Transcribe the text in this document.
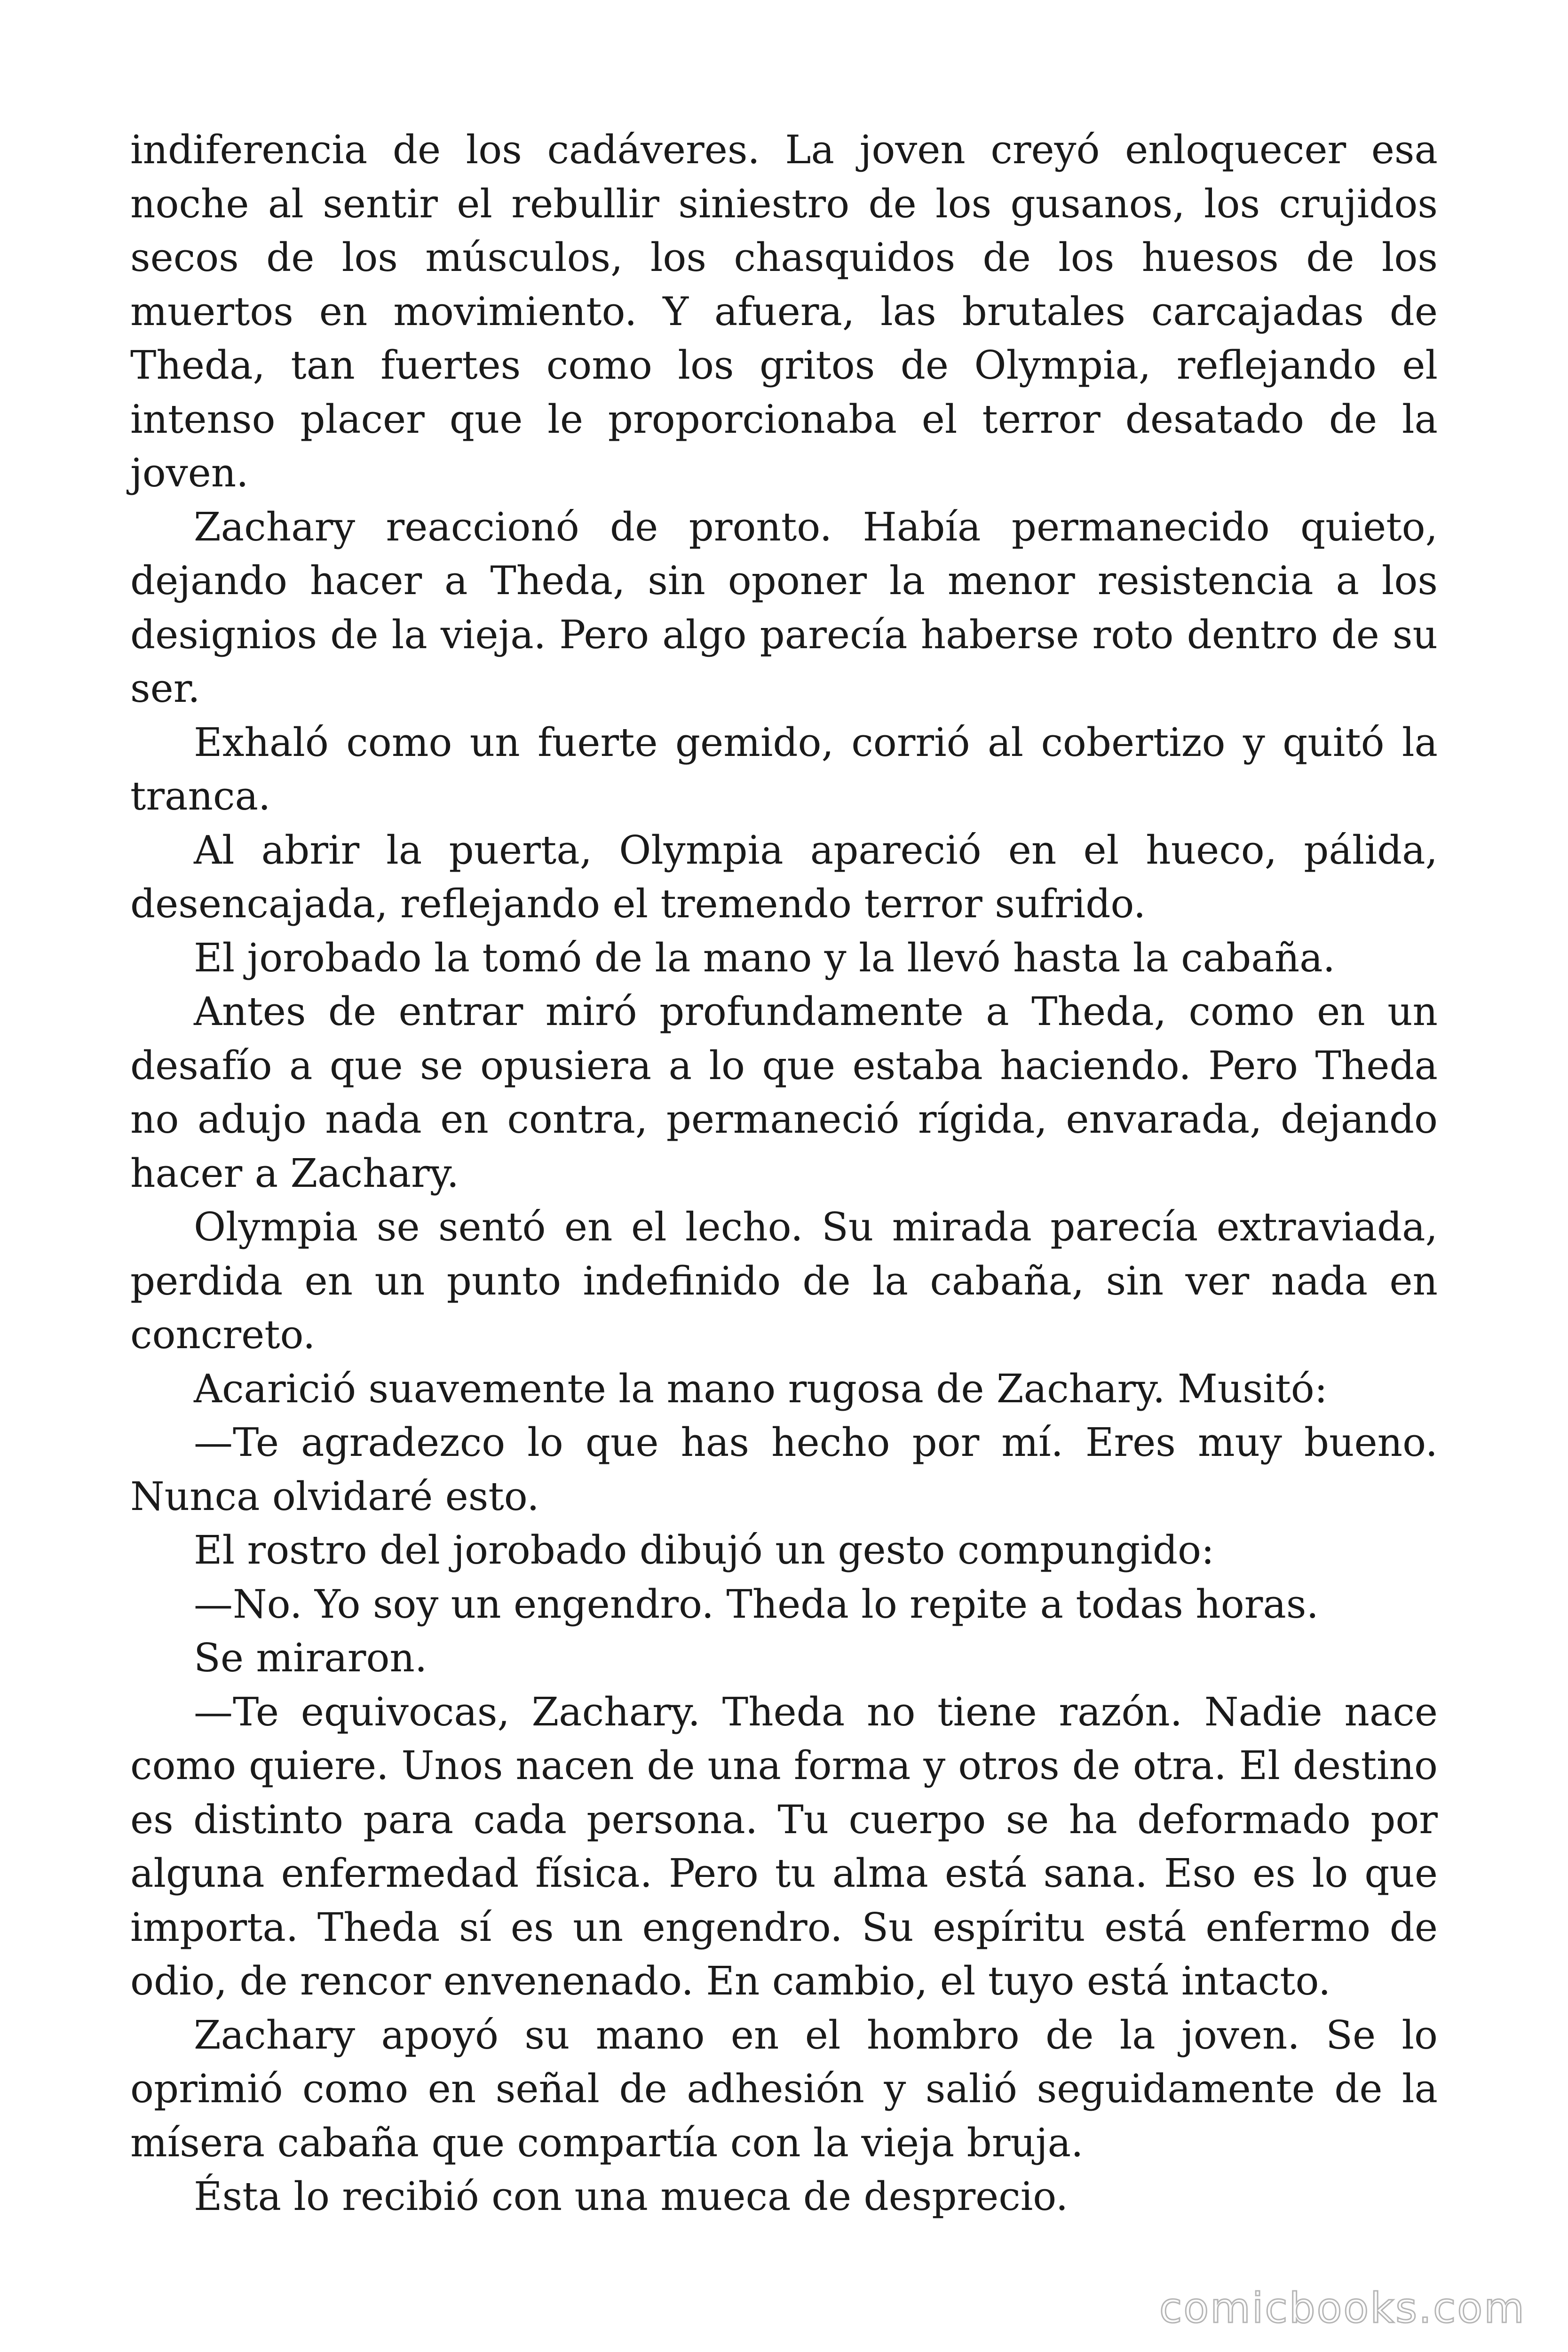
indiferencia de los cadáveres. La joven creyó enloquecer esa noche al sentir el rebullir siniestro de los gusanos, los crujidos secos de los músculos, los chasquidos de los huesos de los muertos en movimiento. Y afuera, las brutales carcajadas de Theda, tan fuertes como los gritos de Olympia, reflejando el intenso placer que le proporcionaba el terror desatado de la joven.

Zachary reaccionó de pronto. Había permanecido quieto, dejando hacer a Theda, sin oponer la menor resistencia a los designios de la vieja. Pero algo parecía haberse roto dentro de su ser.

Exhaló como un fuerte gemido, corrió al cobertizo y quitó la tranca.

Al abrir la puerta, Olympia apareció en el hueco, pálida, desencajada, reflejando el tremendo terror sufrido.

El jorobado la tomó de la mano y la llevó hasta la cabaña.

Antes de entrar miró profundamente a Theda, como en un desafío a que se opusiera a lo que estaba haciendo. Pero Theda no adujo nada en contra, permaneció rígida, envarada, dejando hacer a Zachary.

Olympia se sentó en el lecho. Su mirada parecía extraviada, perdida en un punto indefinido de la cabaña, sin ver nada en concreto.

Acarició suavemente la mano rugosa de Zachary. Musitó:

—Te agradezco lo que has hecho por mí. Eres muy bueno. Nunca olvidaré esto.

El rostro del jorobado dibujó un gesto compungido:

—No. Yo soy un engendro. Theda lo repite a todas horas.

Se miraron.

—Te equivocas, Zachary. Theda no tiene razón. Nadie nace como quiere. Unos nacen de una forma y otros de otra. El destino es distinto para cada persona. Tu cuerpo se ha deformado por alguna enfermedad física. Pero tu alma está sana. Eso es lo que importa. Theda sí es un engendro. Su espíritu está enfermo de odio, de rencor envenenado. En cambio, el tuyo está intacto.

Zachary apoyó su mano en el hombro de la joven. Se lo oprimió como en señal de adhesión y salió seguidamente de la mísera cabaña que compartía con la vieja bruja.

Ésta lo recibió con una mueca de desprecio.

comicbooks.com
